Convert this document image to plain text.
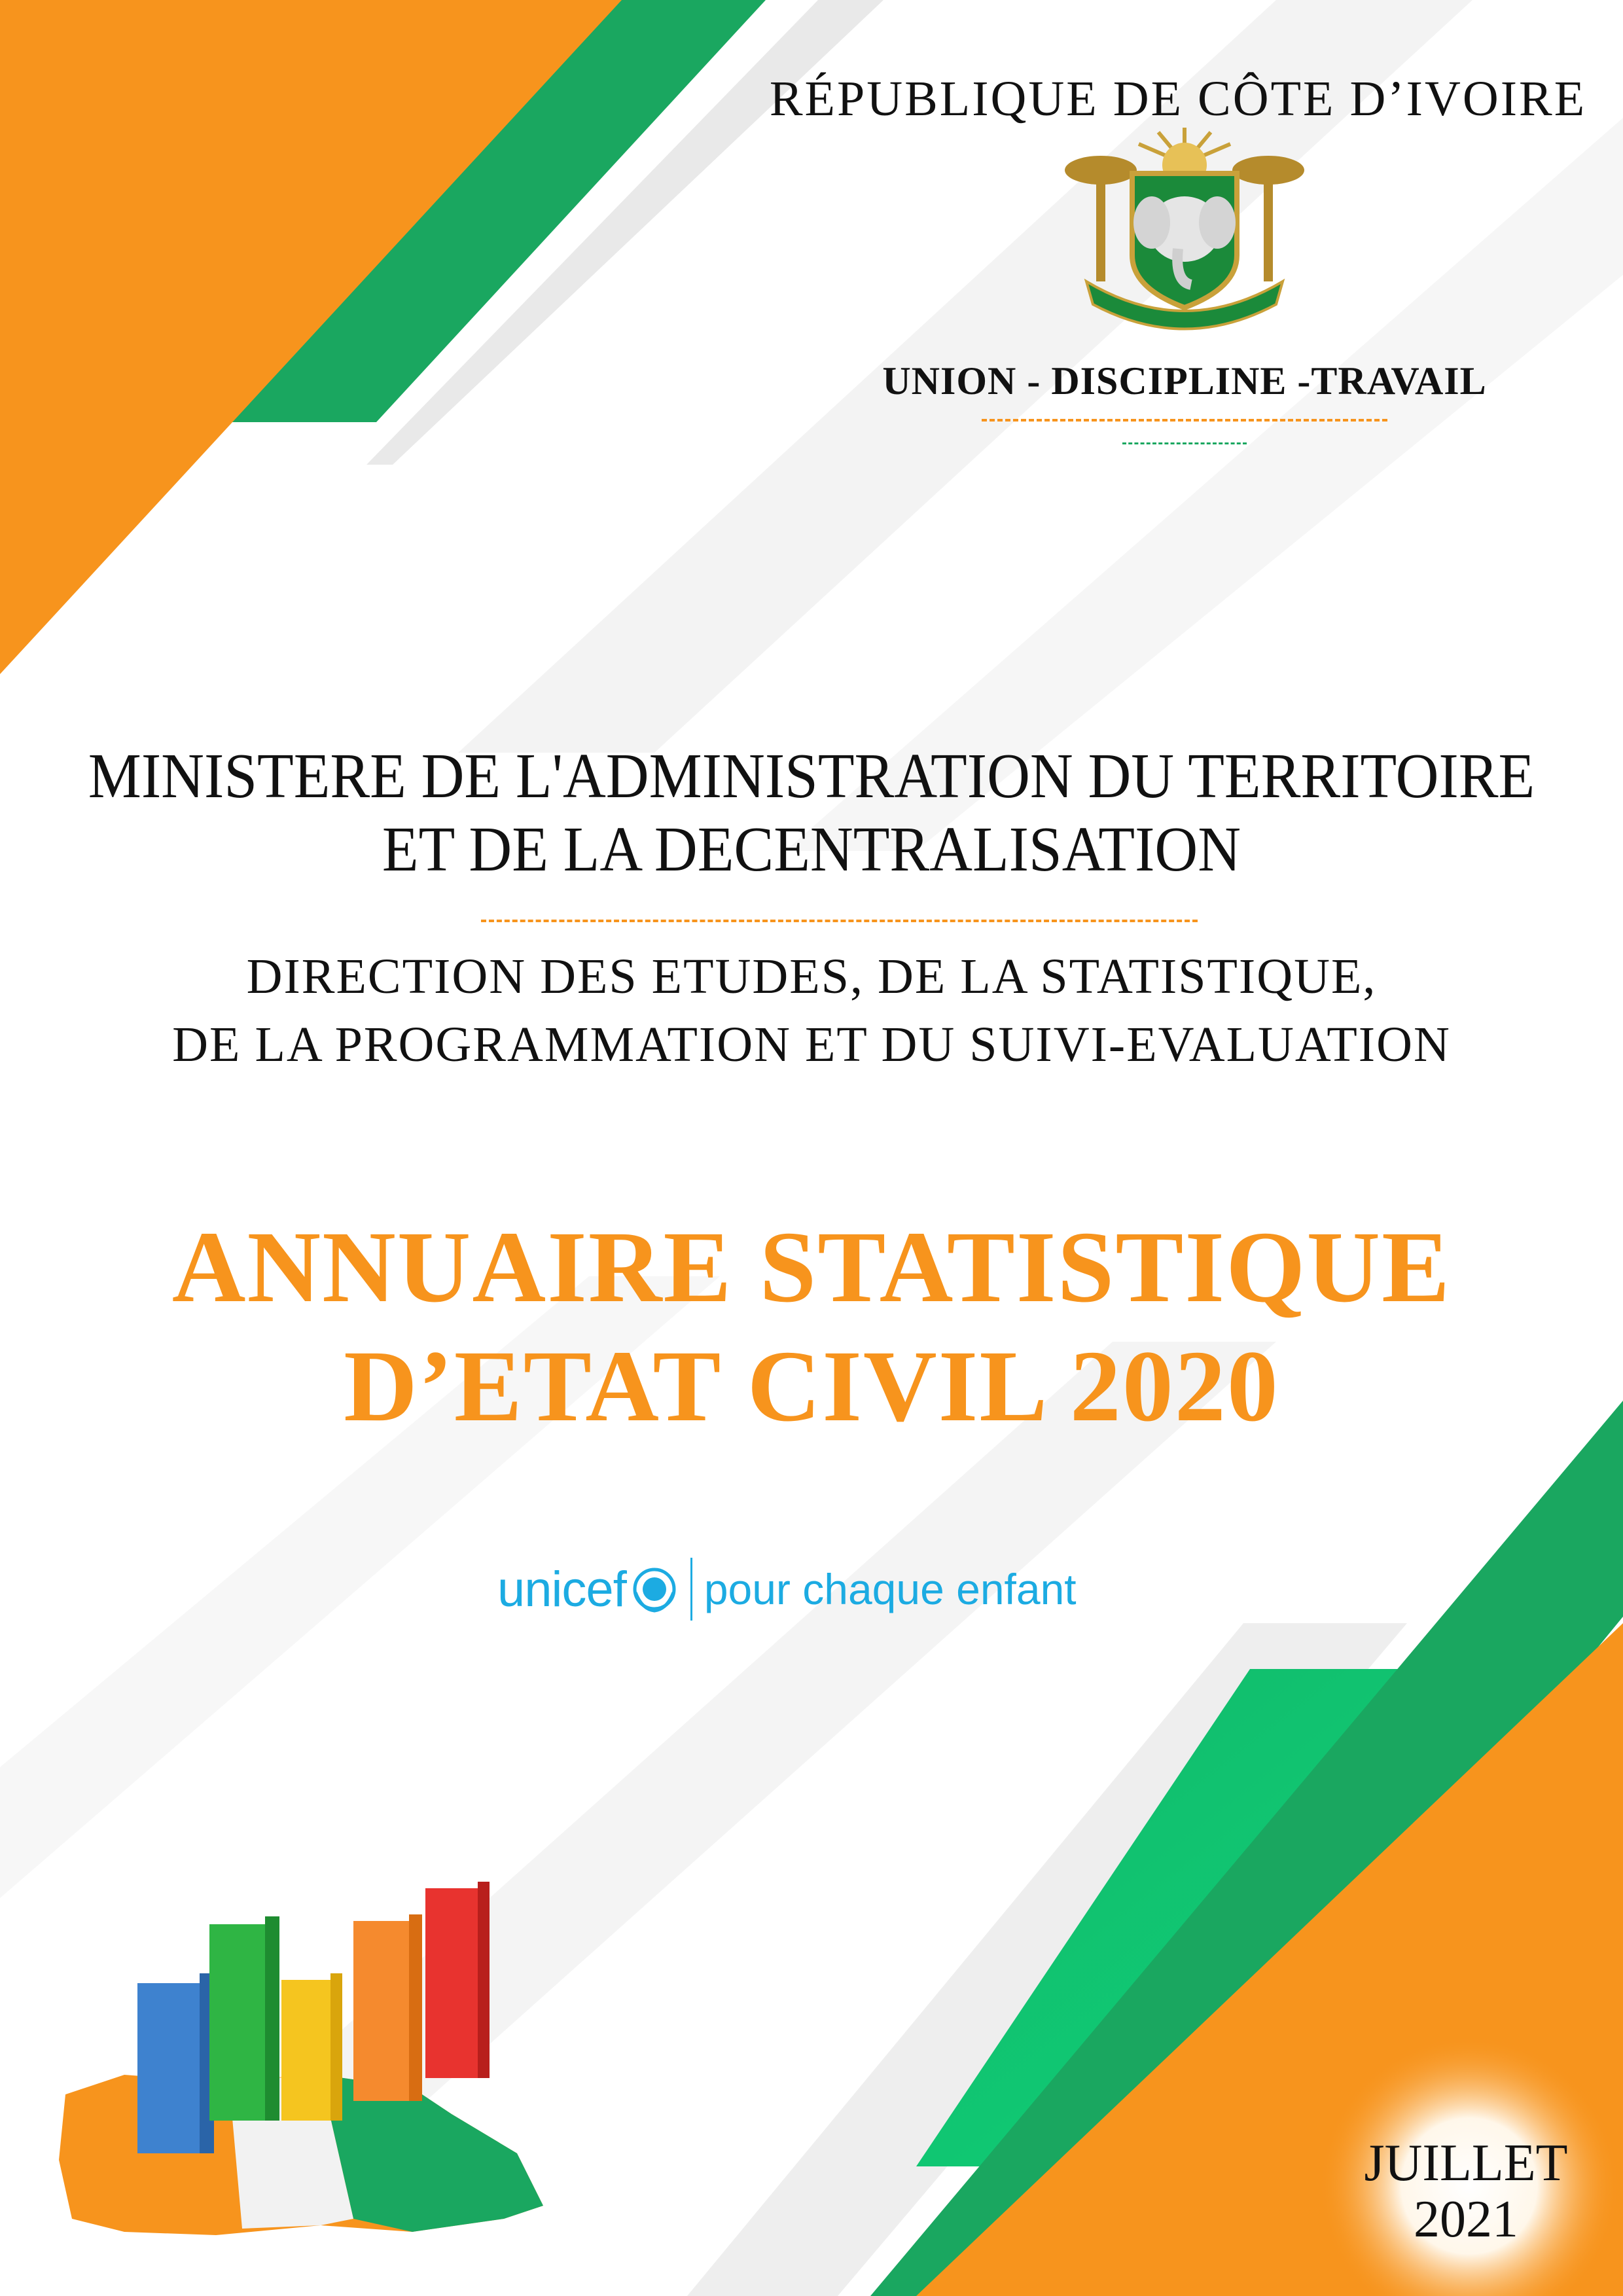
RÉPUBLIQUE DE CÔTE D’IVOIRE
UNION - DISCIPLINE -TRAVAIL
MINISTERE DE L'ADMINISTRATION DU TERRITOIRE
ET DE LA DECENTRALISATION
DIRECTION DES ETUDES, DE LA STATISTIQUE,
DE LA PROGRAMMATION ET DU SUIVI-EVALUATION
ANNUAIRE STATISTIQUE
D’ETAT CIVIL 2020
unicef pour chaque enfant
JUILLET
2021
